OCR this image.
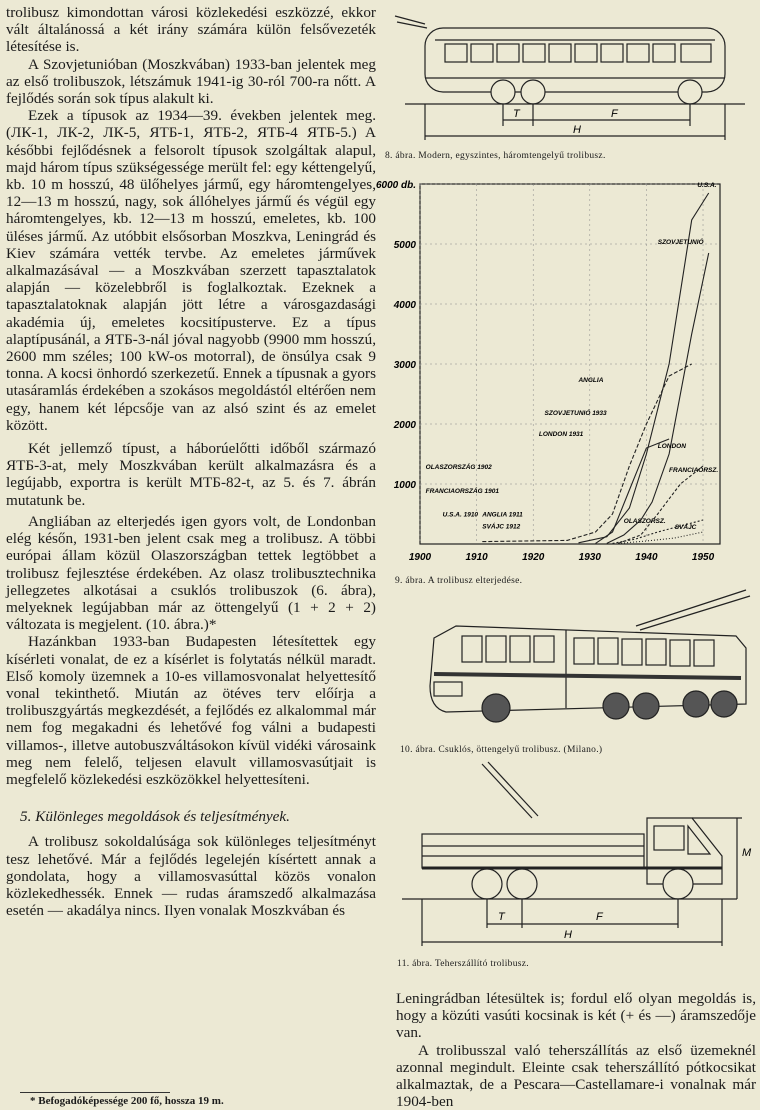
trolibusz kimondottan városi közlekedési eszközzé, ekkor vált általánossá a két irány számára külön felsővezeték létesítése is.

A Szovjetunióban (Moszkvában) 1933-ban jelentek meg az első trolibuszok, létszámuk 1941-ig 30-ról 700-ra nőtt. A fejlődés során sok típus alakult ki.

Ezek a típusok az 1934—39. években jelentek meg. (ЛК-1, ЛК-2, ЛК-5, ЯТБ-1, ЯТБ-2, ЯТБ-4 ЯТБ-5.) A későbbi fejlődésnek a felsorolt típusok szolgáltak alapul, majd három típus szükségessége merült fel: egy kéttengelyű, kb. 10 m hosszú, 48 ülőhelyes jármű, egy háromtengelyes, 12—13 m hosszú, nagy, sok állóhelyes jármű és végül egy háromtengelyes, kb. 12—13 m hosszú, emeletes, kb. 100 üléses jármű. Az utóbbit elsősorban Moszkva, Leningrád és Kiev számára vették tervbe. Az emeletes járművek alkalmazásával — a Moszkvában szerzett tapasztalatok alapján — közelebbről is foglalkoztak. Ezeknek a tapasztalatoknak alapján jött létre a városgazdasági akadémia új, emeletes kocsitípusterve. Ez a típus alaptípusánál, a ЯТБ-3-nál jóval nagyobb (9900 mm hosszú, 2600 mm széles; 100 kW-os motorral), de önsúlya csak 9 tonna. A kocsi önhordó szerkezetű. Ennek a típusnak a gyors utasáramlás érdekében a szokásos megoldástól eltérően nem egy, hanem két lépcsője van az alsó szint és az emelet között.

Két jellemző típust, a háborúelőtti időből származó ЯТБ-3-at, mely Moszkvában került alkalmazásra és a legújabb, exportra is került МТБ-82-t, az 5. és 7. ábrán mutatunk be.

Angliában az elterjedés igen gyors volt, de Londonban elég későn, 1931-ben jelent csak meg a trolibusz. A többi európai állam közül Olaszországban tettek legtöbbet a trolibusz fejlesztése érdekében. Az olasz trolibusztechnika jellegzetes alkotásai a csuklós trolibuszok (6. ábra), melyeknek legújabban már az öttengelyű (1 + 2 + 2) változata is megjelent. (10. ábra.)*

Hazánkban 1933-ban Budapesten létesítettek egy kísérleti vonalat, de ez a kísérlet is folytatás nélkül maradt. Első komoly üzemnek a 10-es villamosvonalat helyettesítő vonal tekinthető. Miután az ötéves terv előírja a trolibuszgyártás megkezdését, a fejlődés ez alkalommal már nem fog megakadni és lehetővé fog válni a budapesti villamos-, illetve autobuszváltásokon kívül vidéki városaink meg nem felelő, teljesen elavult villamosvasútjait is megfelelő közlekedési eszközökkel helyettesíteni.

5. Különleges megoldások és teljesítmények.

A trolibusz sokoldalúsága sok különleges teljesítményt tesz lehetővé. Már a fejlődés legelején kísértett annak a gondolata, hogy a villamosvasúttal közös vonalon közlekedhessék. Ennek — rudas áramszedő alkalmazása esetén — akadálya nincs. Ilyen vonalak Moszkvában és

* Befogadóképessége 200 fő, hossza 19 m.
T	F
H
8. ábra. Modern, egyszintes, háromtengelyű trolibusz.
1000
2000
3000
4000
5000
6000 db.
1900	1910	1920	1930	1940	1950
U.S.A.
SZOVJETUNIÓ
ANGLIA
LONDON
FRANCIAORSZ.
OLASZORSZ.
SVÁJC
SZOVJETUNIÓ 1933
LONDON 1931
OLASZORSZÁG 1902
FRANCIAORSZÁG 1901
U.S.A. 1910 ANGLIA 1911
SVÁJC 1912
9. ábra. A trolibusz elterjedése.
10. ábra. Csuklós, öttengelyű trolibusz. (Milano.)
T	F
H
M
11. ábra. Teherszállító trolibusz.

Leningrádban létesültek is; fordul elő olyan megoldás is, hogy a közúti vasúti kocsinak is két (+ és —) áramszedője van.

A trolibusszal való teherszállítás az első üzemeknél azonnal megindult. Eleinte csak teherszállító pótkocsikat alkalmaztak, de a Pescara—Castellamare-i vonalnak már 1904-ben
